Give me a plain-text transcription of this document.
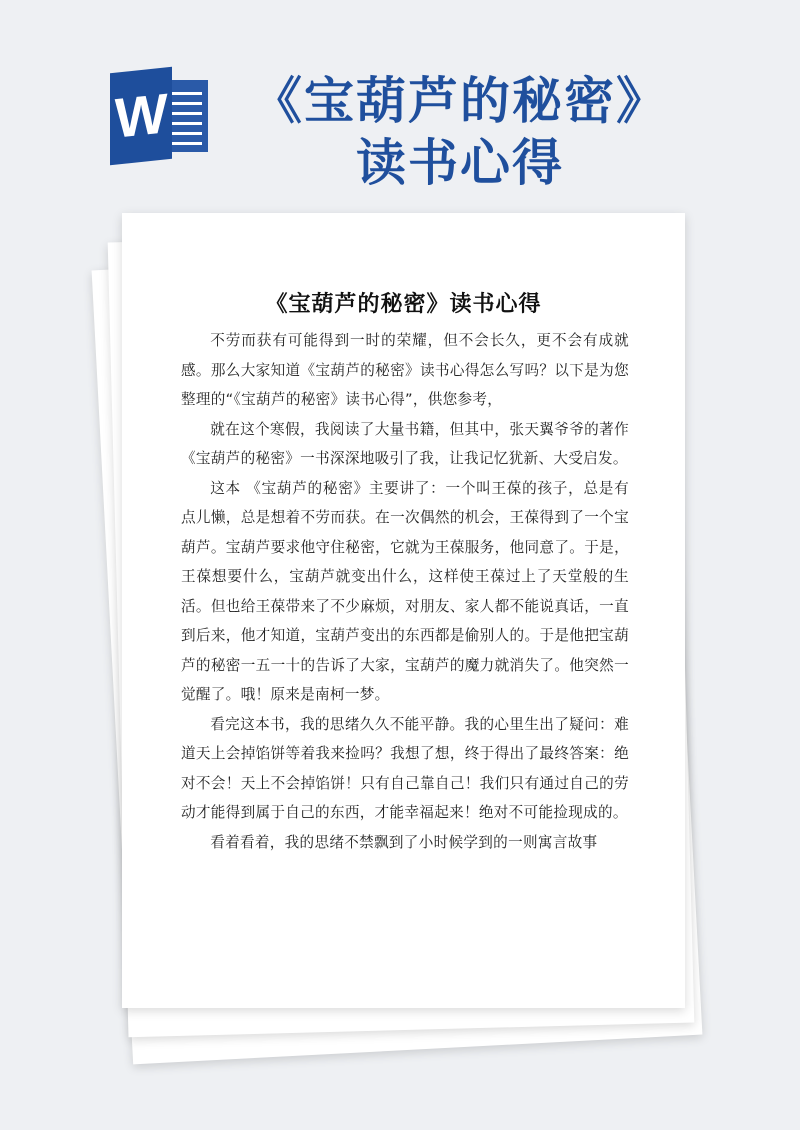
W	《宝葫芦的秘密》
读书心得
《宝葫芦的秘密》读书心得

不劳而获有可能得到一时的荣耀，但不会长久，更不会有成就感。那么大家知道《宝葫芦的秘密》读书心得怎么写吗？以下是为您整理的“《宝葫芦的秘密》读书心得”，供您参考，

就在这个寒假，我阅读了大量书籍，但其中，张天翼爷爷的著作《宝葫芦的秘密》一书深深地吸引了我，让我记忆犹新、大受启发。

这本 《宝葫芦的秘密》主要讲了：一个叫王葆的孩子，总是有点儿懒，总是想着不劳而获。在一次偶然的机会，王葆得到了一个宝葫芦。宝葫芦要求他守住秘密，它就为王葆服务，他同意了。于是，王葆想要什么，宝葫芦就变出什么，这样使王葆过上了天堂般的生活。但也给王葆带来了不少麻烦，对朋友、家人都不能说真话，一直到后来，他才知道，宝葫芦变出的东西都是偷别人的。于是他把宝葫芦的秘密一五一十的告诉了大家，宝葫芦的魔力就消失了。他突然一觉醒了。哦！原来是南柯一梦。

看完这本书，我的思绪久久不能平静。我的心里生出了疑问：难道天上会掉馅饼等着我来捡吗？我想了想，终于得出了最终答案：绝对不会！天上不会掉馅饼！只有自己靠自己！我们只有通过自己的劳动才能得到属于自己的东西，才能幸福起来！绝对不可能捡现成的。

看着看着，我的思绪不禁飘到了小时候学到的一则寓言故事
